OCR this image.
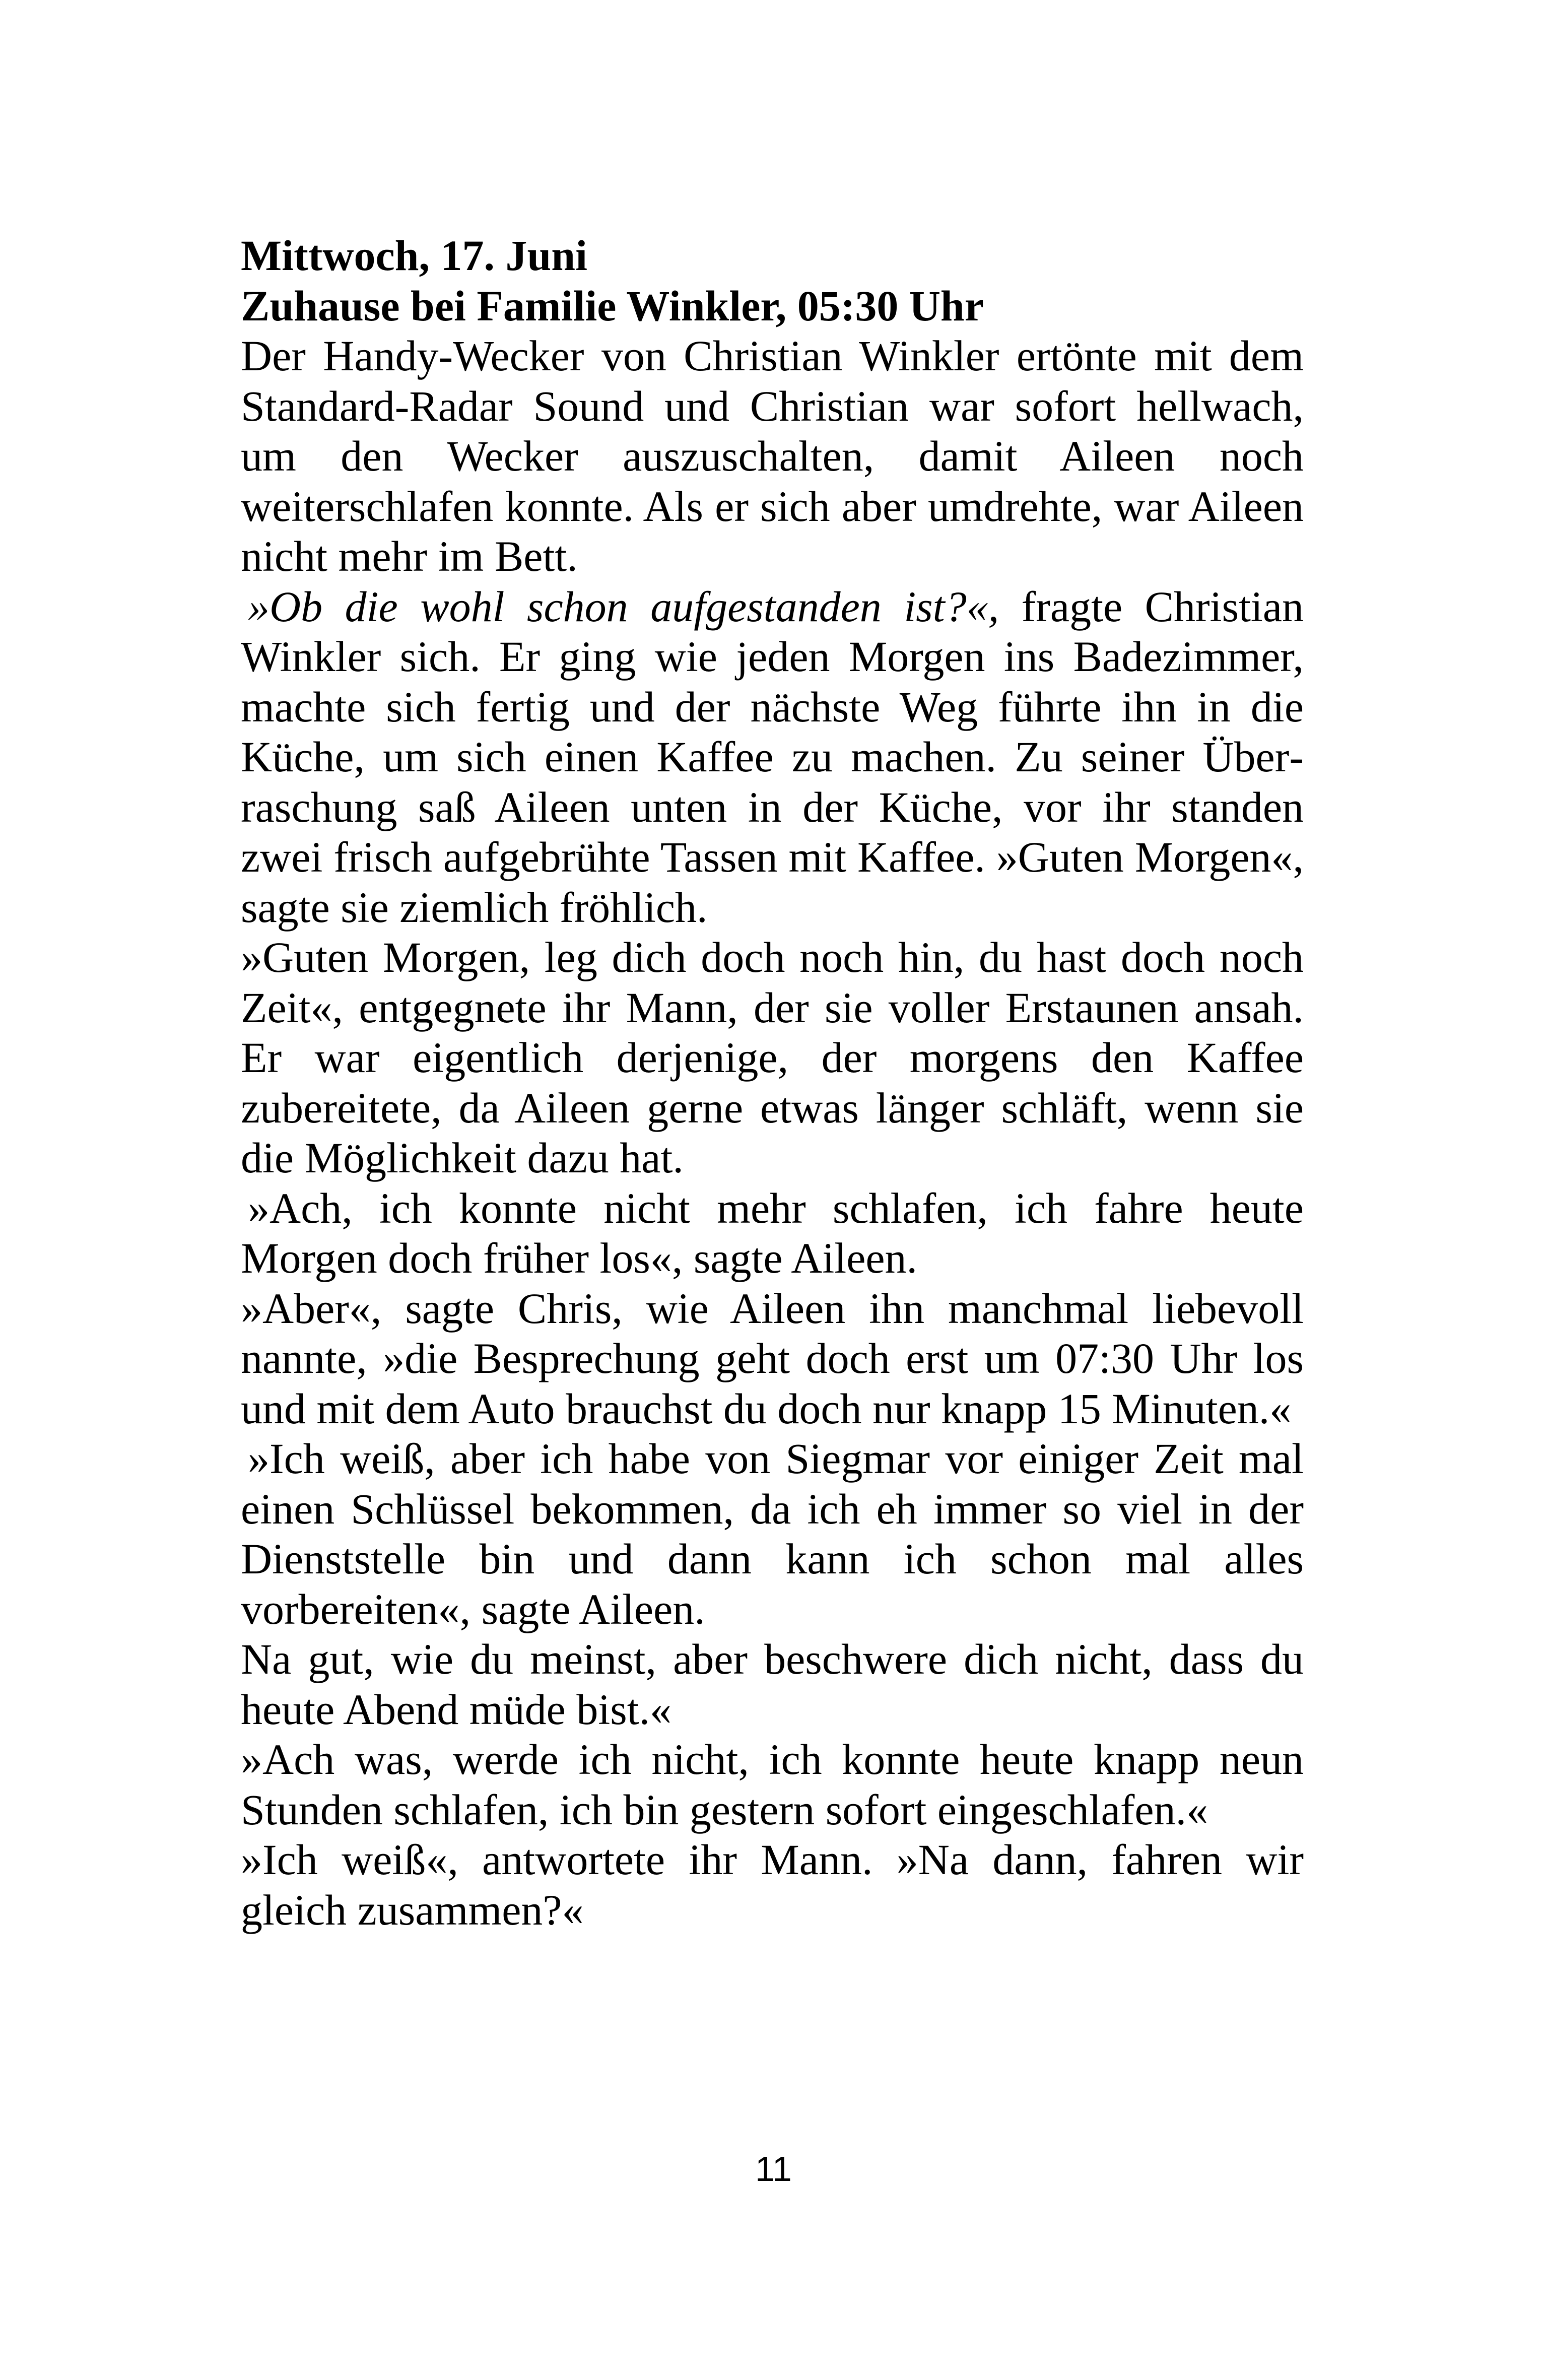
Mittwoch, 17. Juni

Zuhause bei Familie Winkler, 05:30 Uhr

Der Handy-Wecker von Christian Winkler ertönte mit dem Standard-Radar Sound und Christian war sofort hellwach, um den Wecker auszuschalten, damit Aileen noch weiterschlafen konnte. Als er sich aber umdrehte, war Aileen nicht mehr im Bett.

»Ob die wohl schon aufgestanden ist?«, fragte Christian Winkler sich. Er ging wie jeden Morgen ins Badezimmer, machte sich fertig und der nächste Weg führte ihn in die Küche, um sich einen Kaffee zu machen. Zu seiner Überraschung saß Aileen unten in der Küche, vor ihr standen zwei frisch aufgebrühte Tassen mit Kaffee. »Guten Morgen«, sagte sie ziemlich fröhlich.

»Guten Morgen, leg dich doch noch hin, du hast doch noch Zeit«, entgegnete ihr Mann, der sie voller Erstaunen ansah. Er war eigentlich derjenige, der morgens den Kaffee zubereitete, da Aileen gerne etwas länger schläft, wenn sie die Möglichkeit dazu hat.

»Ach, ich konnte nicht mehr schlafen, ich fahre heute Morgen doch früher los«, sagte Aileen.

»Aber«, sagte Chris, wie Aileen ihn manchmal liebevoll nannte, »die Besprechung geht doch erst um 07:30 Uhr los und mit dem Auto brauchst du doch nur knapp 15 Minuten.«

»Ich weiß, aber ich habe von Siegmar vor einiger Zeit mal einen Schlüssel bekommen, da ich eh immer so viel in der Dienststelle bin und dann kann ich schon mal alles vorbereiten«, sagte Aileen.

Na gut, wie du meinst, aber beschwere dich nicht, dass du heute Abend müde bist.«

»Ach was, werde ich nicht, ich konnte heute knapp neun Stunden schlafen, ich bin gestern sofort eingeschlafen.«

»Ich weiß«, antwortete ihr Mann. »Na dann, fahren wir gleich zusammen?«

11
